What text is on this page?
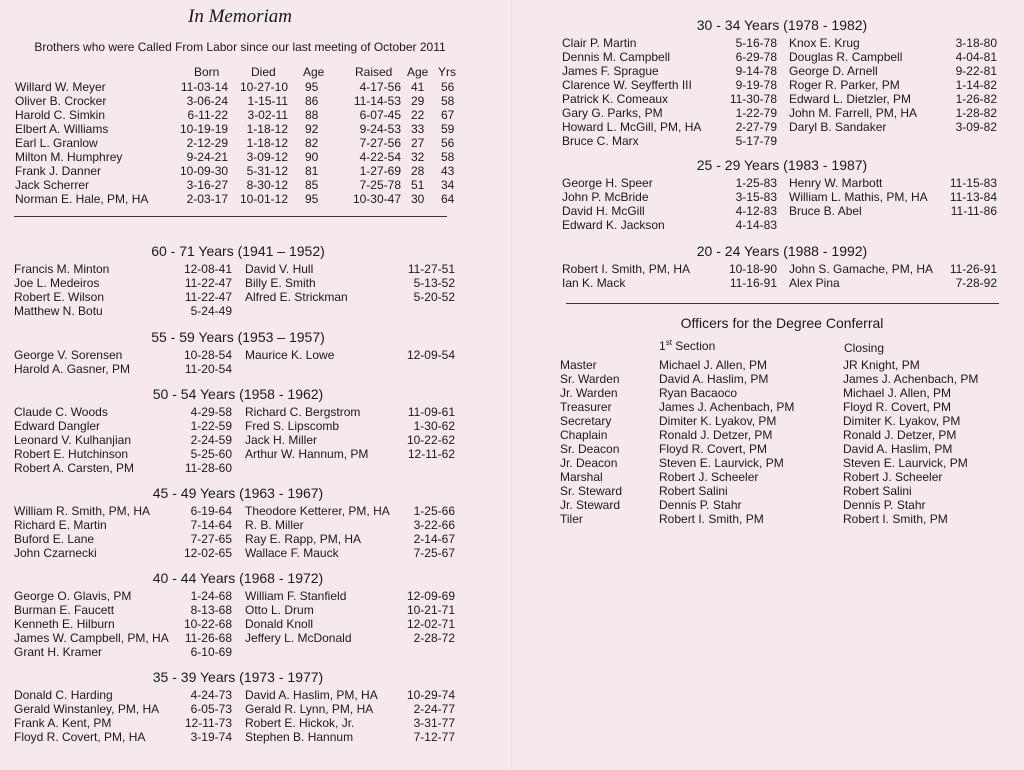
In Memoriam
Brothers who were Called From Labor since our last meeting of October 2011
Born	Died Age	Raised Age Yrs
Willard W. Meyer	11-03-14 10-27-10 95	4-17-56 41 56
Oliver B. Crocker	3-06-24	1-15-11 86	11-14-53 29 58
Harold C. Simkin	6-11-22	3-02-11 88	6-07-45 22 67
Elbert A. Williams	10-19-19	1-18-12 92	9-24-53 33 59
Earl L. Granlow	2-12-29	1-18-12 82	7-27-56 27 56
Milton M. Humphrey	9-24-21	3-09-12 90	4-22-54 32 58
Frank J. Danner	10-09-30	5-31-12 81	1-27-69 28 43
Jack Scherrer	3-16-27	8-30-12 85	7-25-78 51 34
Norman E. Hale, PM, HA	2-03-17 10-01-12 95	10-30-47 30 64
60 - 71 Years (1941 – 1952)
Francis M. Minton	12-08-41 David V. Hull	11-27-51
Joe L. Medeiros	11-22-47 Billy E. Smith	5-13-52
Robert E. Wilson	11-22-47 Alfred E. Strickman	5-20-52
Matthew N. Botu	5-24-49
55 - 59 Years (1953 – 1957)
George V. Sorensen	10-28-54 Maurice K. Lowe	12-09-54
Harold A. Gasner, PM	11-20-54
50 - 54 Years (1958 - 1962)
Claude C. Woods	4-29-58 Richard C. Bergstrom	11-09-61
Edward Dangler	1-22-59 Fred S. Lipscomb	1-30-62
Leonard V. Kulhanjian	2-24-59 Jack H. Miller	10-22-62
Robert E. Hutchinson	5-25-60 Arthur W. Hannum, PM	12-11-62
Robert A. Carsten, PM	11-28-60
45 - 49 Years (1963 - 1967)
William R. Smith, PM, HA	6-19-64 Theodore Ketterer, PM, HA	1-25-66
Richard E. Martin	7-14-64 R. B. Miller	3-22-66
Buford E. Lane	7-27-65 Ray E. Rapp, PM, HA	2-14-67
John Czarnecki	12-02-65 Wallace F. Mauck	7-25-67
40 - 44 Years (1968 - 1972)
George O. Glavis, PM	1-24-68 William F. Stanfield	12-09-69
Burman E. Faucett	8-13-68 Otto L. Drum	10-21-71
Kenneth E. Hilburn	10-22-68 Donald Knoll	12-02-71
James W. Campbell, PM, HA	11-26-68 Jeffery L. McDonald	2-28-72
Grant H. Kramer	6-10-69
35 - 39 Years (1973 - 1977)
Donald C. Harding	4-24-73 David A. Haslim, PM, HA	10-29-74
Gerald Winstanley, PM, HA	6-05-73 Gerald R. Lynn, PM, HA	2-24-77
Frank A. Kent, PM	12-11-73 Robert E. Hickok, Jr.	3-31-77
Floyd R. Covert, PM, HA	3-19-74 Stephen B. Hannum	7-12-77
30 - 34 Years (1978 - 1982)
Clair P. Martin	5-16-78 Knox E. Krug	3-18-80
Dennis M. Campbell	6-29-78 Douglas R. Campbell	4-04-81
James F. Sprague	9-14-78 George D. Arnell	9-22-81
Clarence W. Seyfferth III	9-19-78 Roger R. Parker, PM	1-14-82
Patrick K. Comeaux	11-30-78 Edward L. Dietzler, PM	1-26-82
Gary G. Parks, PM	1-22-79 John M. Farrell, PM, HA	1-28-82
Howard L. McGill, PM, HA	2-27-79 Daryl B. Sandaker	3-09-82
Bruce C. Marx	5-17-79
25 - 29 Years (1983 - 1987)
George H. Speer	1-25-83 Henry W. Marbott	11-15-83
John P. McBride	3-15-83 William L. Mathis, PM, HA	11-13-84
David H. McGill	4-12-83 Bruce B. Abel	11-11-86
Edward K. Jackson	4-14-83
20 - 24 Years (1988 - 1992)
Robert I. Smith, PM, HA	10-18-90 John S. Gamache, PM, HA	11-26-91
Ian K. Mack	11-16-91 Alex Pina	7-28-92
Officers for the Degree Conferral
1st Section	Closing
Master	Michael J. Allen, PM	JR Knight, PM
Sr. Warden	David A. Haslim, PM	James J. Achenbach, PM
Jr. Warden	Ryan Bacaoco	Michael J. Allen, PM
Treasurer	James J. Achenbach, PM	Floyd R. Covert, PM
Secretary	Dimiter K. Lyakov, PM	Dimiter K. Lyakov, PM
Chaplain	Ronald J. Detzer, PM	Ronald J. Detzer, PM
Sr. Deacon	Floyd R. Covert, PM	David A. Haslim, PM
Jr. Deacon	Steven E. Laurvick, PM	Steven E. Laurvick, PM
Marshal	Robert J. Scheeler	Robert J. Scheeler
Sr. Steward	Robert Salini	Robert Salini
Jr. Steward	Dennis P. Stahr	Dennis P. Stahr
Tiler	Robert I. Smith, PM	Robert I. Smith, PM
